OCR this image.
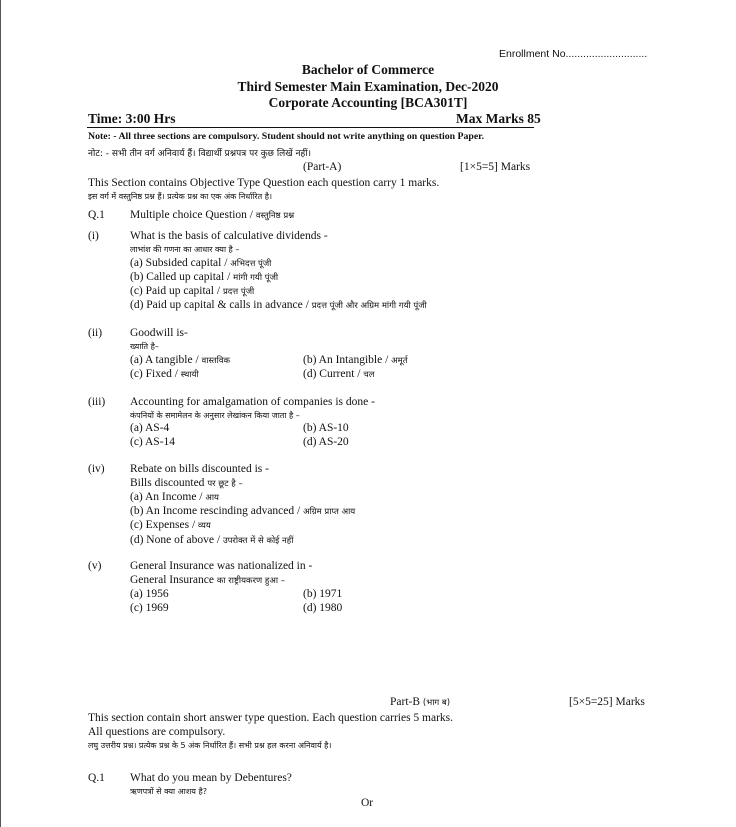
Enrollment No............................
Bachelor of Commerce
Third Semester Main Examination, Dec-2020
Corporate Accounting [BCA301T]
Time: 3:00 Hrs	Max Marks 85
Note: - All three sections are compulsory. Student should not write anything on question Paper.
नोट: - सभी तीन वर्ग अनिवार्य हैं। विद्यार्थी प्रश्नपत्र पर कुछ लिखें नहीं।
(Part-A)	[1×5=5] Marks
This Section contains Objective Type Question each question carry 1 marks.
इस वर्ग में वस्तुनिष्ठ प्रश्न हैं। प्रत्येक प्रश्न का एक अंक निर्धारित है।
Q.1 Multiple choice Question / वस्तुनिष्ठ प्रश्न
(i)	What is the basis of calculative dividends -
लाभांश की गणना का आधार क्या है –
(a) Subsided capital / अभिदत्त पूंजी
(b) Called up capital / मांगी गयी पूंजी
(c) Paid up capital / प्रदत्त पूंजी
(d) Paid up capital & calls in advance / प्रदत्त पूंजी और अग्रिम मांगी गयी पूंजी
(ii) Goodwill is-
ख्याति है–
(a) A tangible / वास्तविक	(b) An Intangible / अमूर्त
(c) Fixed / स्थायी	(d) Current / चल
(iii) Accounting for amalgamation of companies is done -
कंपनियों के समामेलन के अनुसार लेखांकन किया जाता है –
(a) AS-4	(b) AS-10
(c) AS-14	(d) AS-20
(iv) Rebate on bills discounted is -
Bills discounted पर छूट है –
(a) An Income / आय
(b) An Income rescinding advanced / अग्रिम प्राप्त आय
(c) Expenses / व्यय
(d) None of above / उपरोक्त में से कोई नहीं
(v) General Insurance was nationalized in -
General Insurance का राष्ट्रीयकरण हुआ –
(a) 1956	(b) 1971
(c) 1969	(d) 1980
Part-B (भाग ब)	[5×5=25] Marks
This section contain short answer type question. Each question carries 5 marks.
All questions are compulsory.
लघु उत्तरीय प्रश्न। प्रत्येक प्रश्न के 5 अंक निर्धारित हैं। सभी प्रश्न हल करना अनिवार्य है।
Q.1 What do you mean by Debentures?
ऋणपत्रों से क्या आशय है?
Or
